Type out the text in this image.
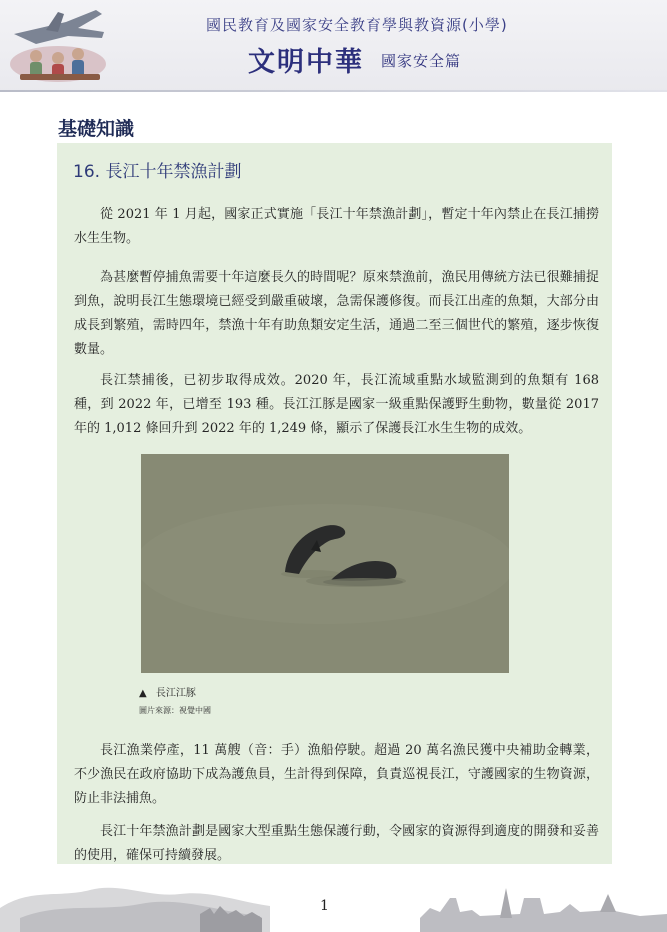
國民教育及國家安全教育學與教資源(小學)
文明中華 國家安全篇
基礎知識
16. 長江十年禁漁計劃

從 2021 年 1 月起，國家正式實施「長江十年禁漁計劃」，暫定十年內禁止在長江捕撈水生生物。

為甚麼暫停捕魚需要十年這麼長久的時間呢？原來禁漁前，漁民用傳統方法已很難捕捉到魚，說明長江生態環境已經受到嚴重破壞，急需保護修復。而長江出產的魚類，大部分由成長到繁殖，需時四年，禁漁十年有助魚類安定生活，通過二至三個世代的繁殖，逐步恢復數量。

長江禁捕後，已初步取得成效。2020 年，長江流域重點水域監測到的魚類有 168 種，到 2022 年，已增至 193 種。長江江豚是國家一級重點保護野生動物，數量從 2017 年的 1,012 條回升到 2022 年的 1,249 條，顯示了保護長江水生生物的成效。

▲ 長江江豚
圖片來源：視覺中國

長江漁業停產，11 萬艘（音：手）漁船停駛。超過 20 萬名漁民獲中央補助金轉業，不少漁民在政府協助下成為護魚員，生計得到保障，負責巡視長江，守護國家的生物資源，防止非法捕魚。

長江十年禁漁計劃是國家大型重點生態保護行動，令國家的資源得到適度的開發和妥善的使用，確保可持續發展。

1
